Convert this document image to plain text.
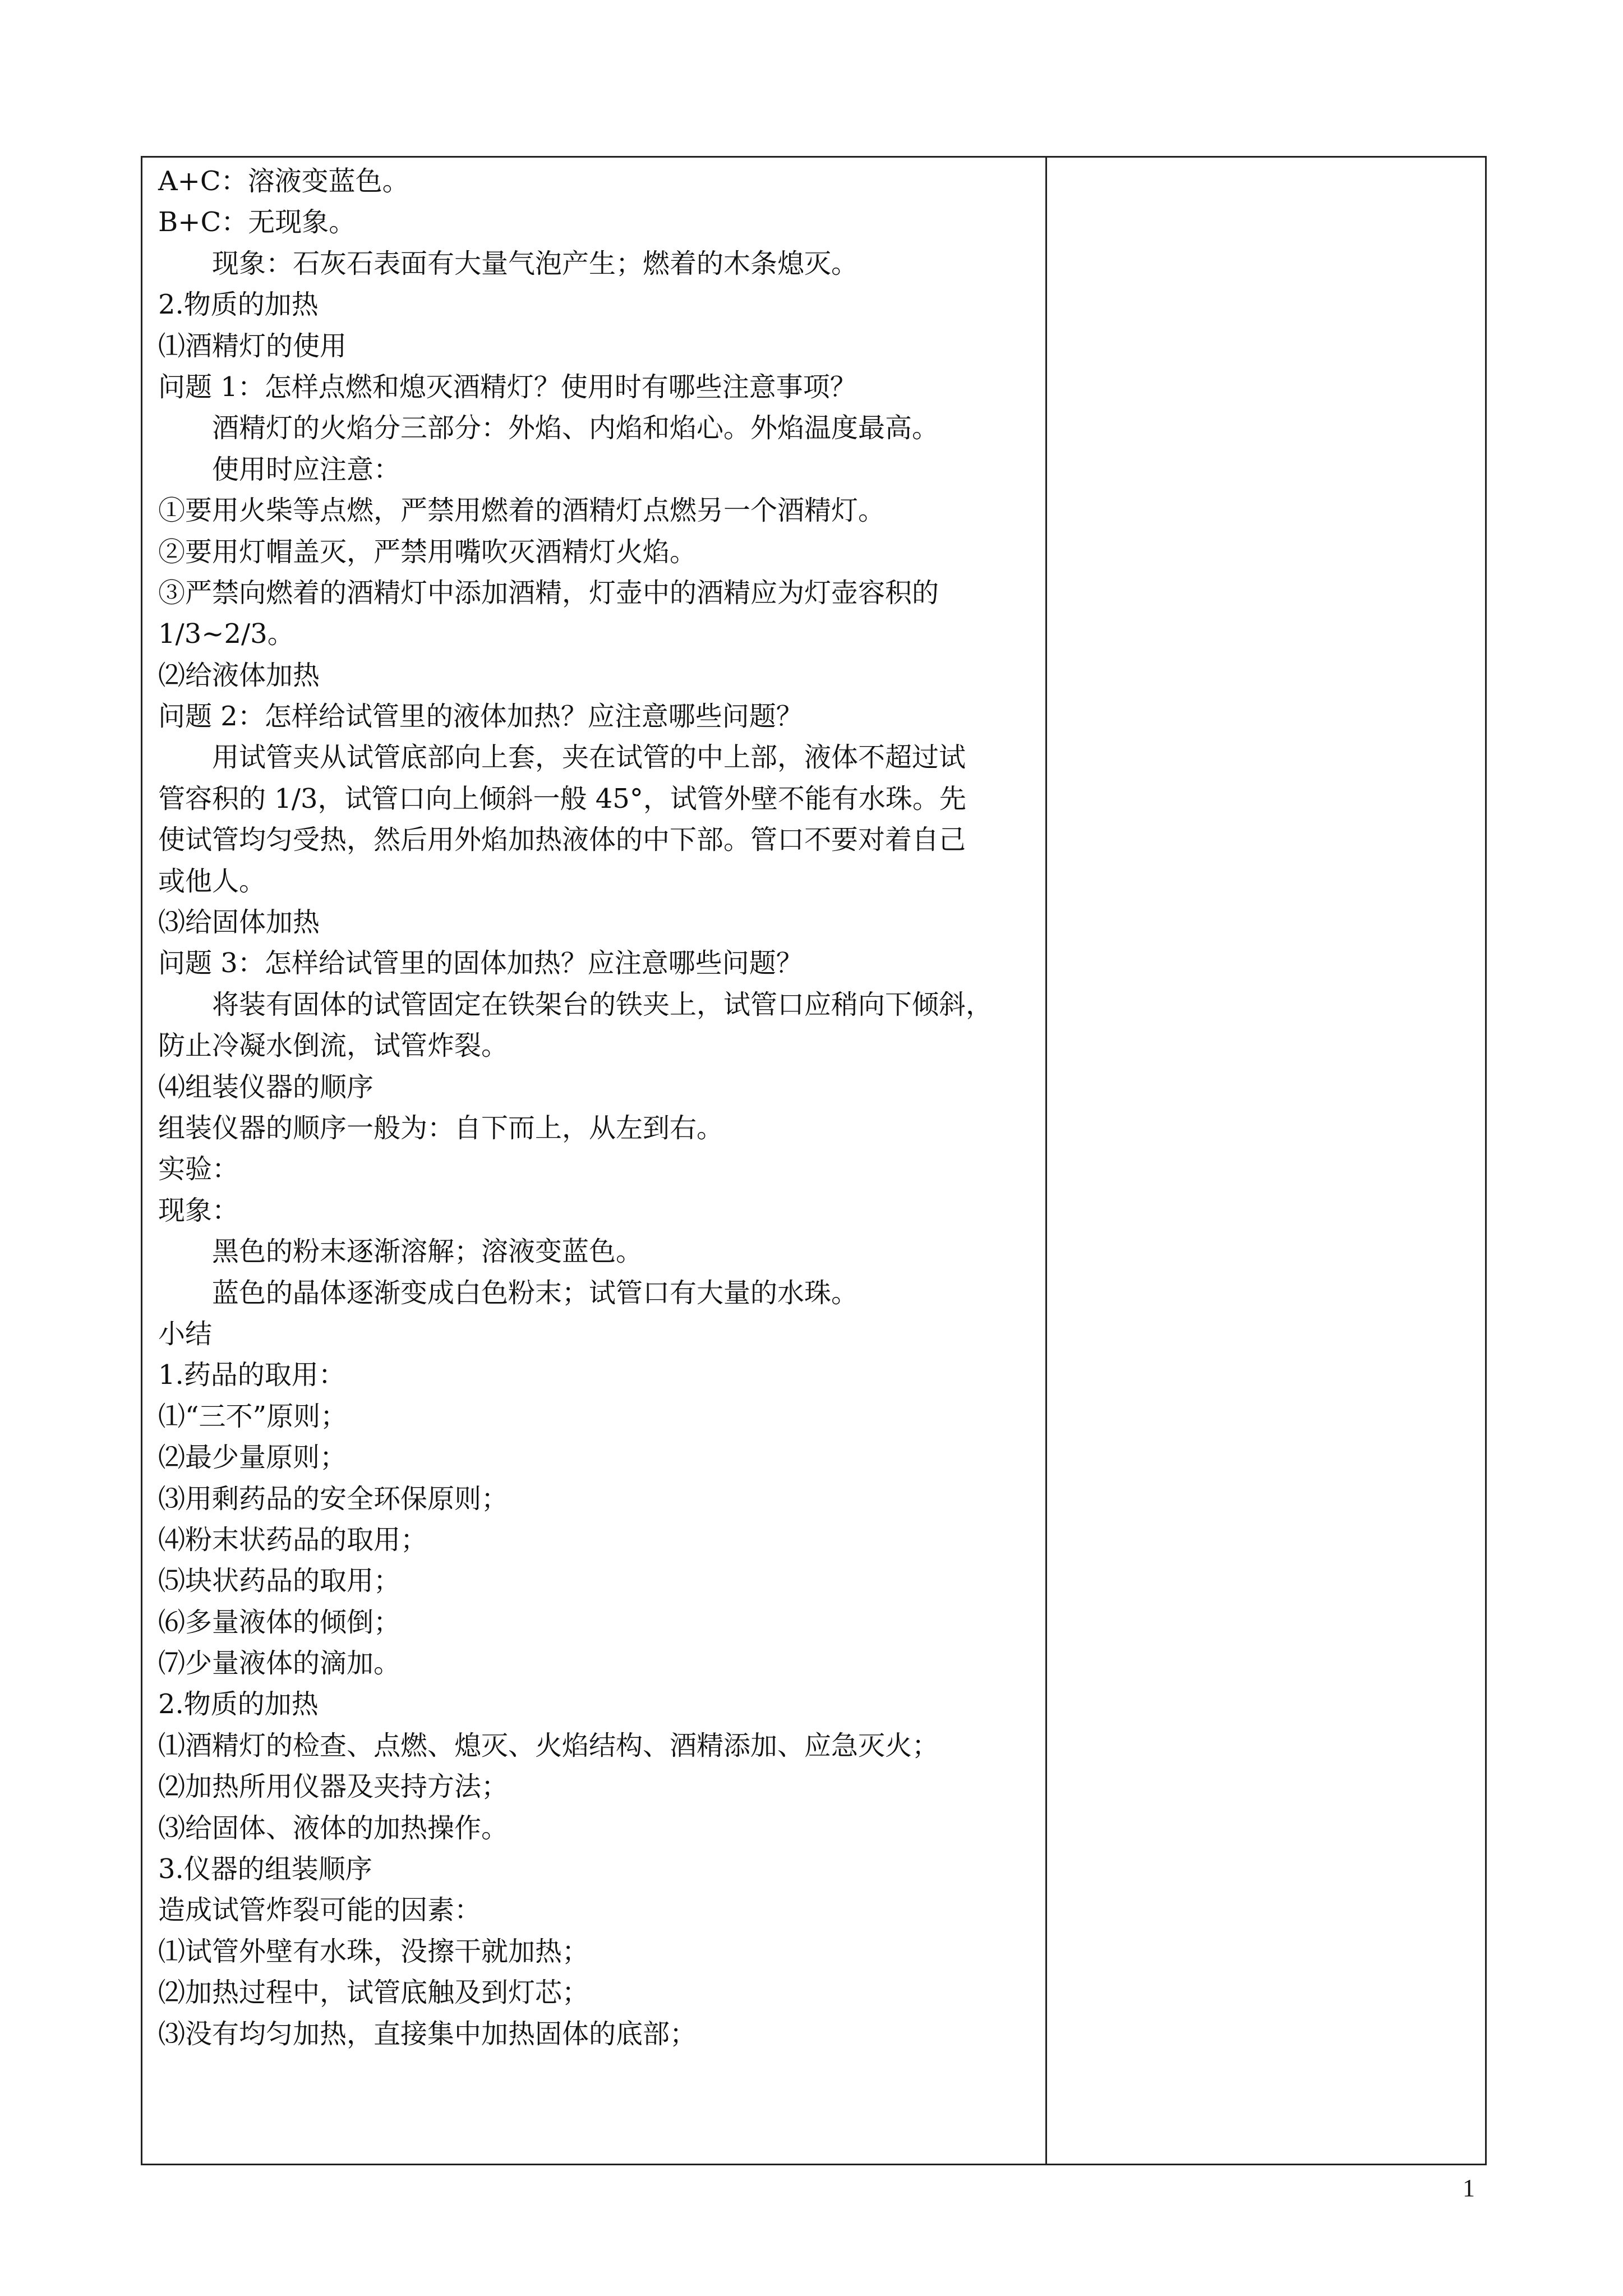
A+C：溶液变蓝色。
B+C：无现象。
现象：石灰石表面有大量气泡产生；燃着的木条熄灭。
2.物质的加热
⑴酒精灯的使用
问题 1：怎样点燃和熄灭酒精灯？使用时有哪些注意事项？
酒精灯的火焰分三部分：外焰、内焰和焰心。外焰温度最高。
使用时应注意：
①要用火柴等点燃，严禁用燃着的酒精灯点燃另一个酒精灯。
②要用灯帽盖灭，严禁用嘴吹灭酒精灯火焰。
③严禁向燃着的酒精灯中添加酒精，灯壶中的酒精应为灯壶容积的
1/3~2/3。
⑵给液体加热
问题 2：怎样给试管里的液体加热？应注意哪些问题？
用试管夹从试管底部向上套，夹在试管的中上部，液体不超过试
管容积的 1/3，试管口向上倾斜一般 45°，试管外壁不能有水珠。先
使试管均匀受热，然后用外焰加热液体的中下部。管口不要对着自己
或他人。
⑶给固体加热
问题 3：怎样给试管里的固体加热？应注意哪些问题？
将装有固体的试管固定在铁架台的铁夹上，试管口应稍向下倾斜，
防止冷凝水倒流，试管炸裂。
⑷组装仪器的顺序
组装仪器的顺序一般为：自下而上，从左到右。
实验：
现象：
黑色的粉末逐渐溶解；溶液变蓝色。
蓝色的晶体逐渐变成白色粉末；试管口有大量的水珠。
小结
1.药品的取用：
⑴“三不”原则；
⑵最少量原则；
⑶用剩药品的安全环保原则；
⑷粉末状药品的取用；
⑸块状药品的取用；
⑹多量液体的倾倒；
⑺少量液体的滴加。
2.物质的加热
⑴酒精灯的检查、点燃、熄灭、火焰结构、酒精添加、应急灭火；
⑵加热所用仪器及夹持方法；
⑶给固体、液体的加热操作。
3.仪器的组装顺序
造成试管炸裂可能的因素：
⑴试管外壁有水珠，没擦干就加热；
⑵加热过程中，试管底触及到灯芯；
⑶没有均匀加热，直接集中加热固体的底部；
1
